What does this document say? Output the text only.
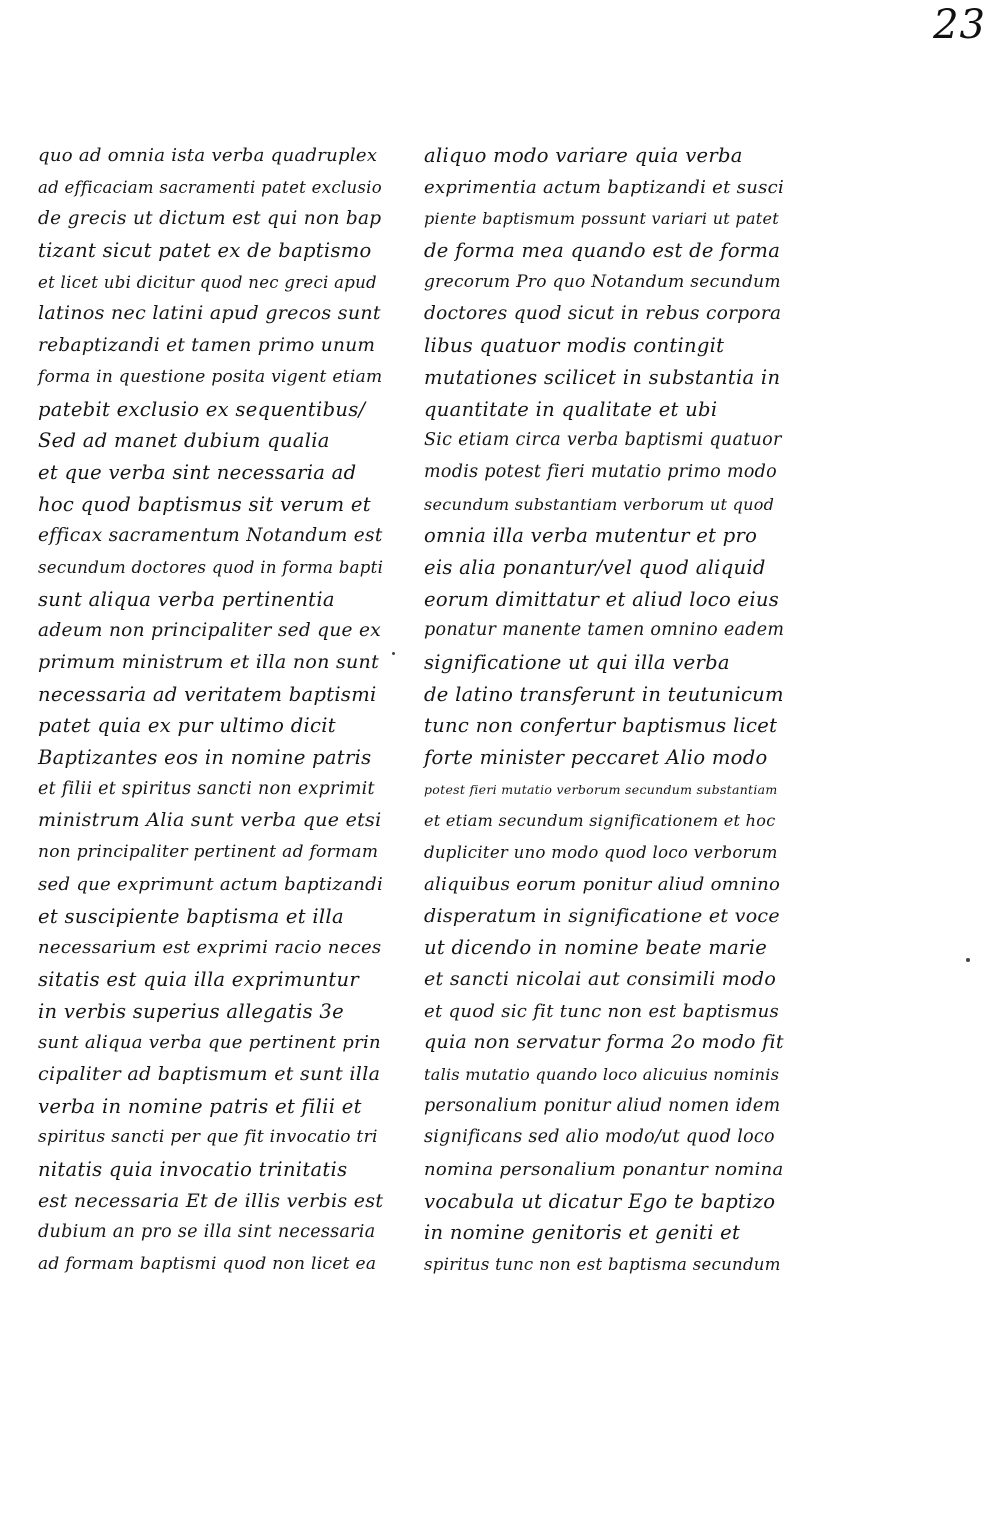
23
quo ad omnia ista verba quadruplex
ad efficaciam sacramenti patet exclusio
de grecis ut dictum est qui non bap
tizant sicut patet ex de baptismo
et licet ubi dicitur quod nec greci apud
latinos nec latini apud grecos sunt
rebaptizandi et tamen primo unum
forma in questione posita vigent etiam
patebit exclusio ex sequentibus/
Sed ad manet dubium qualia
et que verba sint necessaria ad
hoc quod baptismus sit verum et
efficax sacramentum Notandum est
secundum doctores quod in forma bapti
sunt aliqua verba pertinentia
adeum non principaliter sed que ex
primum ministrum et illa non sunt
necessaria ad veritatem baptismi
patet quia ex pur ultimo dicit
Baptizantes eos in nomine patris
et filii et spiritus sancti non exprimit
ministrum Alia sunt verba que etsi
non principaliter pertinent ad formam
sed que exprimunt actum baptizandi
et suscipiente baptisma et illa
necessarium est exprimi racio neces
sitatis est quia illa exprimuntur
in verbis superius allegatis 3e
sunt aliqua verba que pertinent prin
cipaliter ad baptismum et sunt illa
verba in nomine patris et filii et
spiritus sancti per que fit invocatio tri
nitatis quia invocatio trinitatis
est necessaria Et de illis verbis est
dubium an pro se illa sint necessaria
ad formam baptismi quod non licet ea
aliquo modo variare quia verba
exprimentia actum baptizandi et susci
piente baptismum possunt variari ut patet
de forma mea quando est de forma
grecorum Pro quo Notandum secundum
doctores quod sicut in rebus corpora
libus quatuor modis contingit
mutationes scilicet in substantia in
quantitate in qualitate et ubi
Sic etiam circa verba baptismi quatuor
modis potest fieri mutatio primo modo
secundum substantiam verborum ut quod
omnia illa verba mutentur et pro
eis alia ponantur/vel quod aliquid
eorum dimittatur et aliud loco eius
ponatur manente tamen omnino eadem
significatione ut qui illa verba
de latino transferunt in teutunicum
tunc non confertur baptismus licet
forte minister peccaret Alio modo
potest fieri mutatio verborum secundum substantiam
et etiam secundum significationem et hoc
dupliciter uno modo quod loco verborum
aliquibus eorum ponitur aliud omnino
disperatum in significatione et voce
ut dicendo in nomine beate marie
et sancti nicolai aut consimili modo
et quod sic fit tunc non est baptismus
quia non servatur forma 2o modo fit
talis mutatio quando loco alicuius nominis
personalium ponitur aliud nomen idem
significans sed alio modo/ut quod loco
nomina personalium ponantur nomina
vocabula ut dicatur Ego te baptizo
in nomine genitoris et geniti et
spiritus tunc non est baptisma secundum
